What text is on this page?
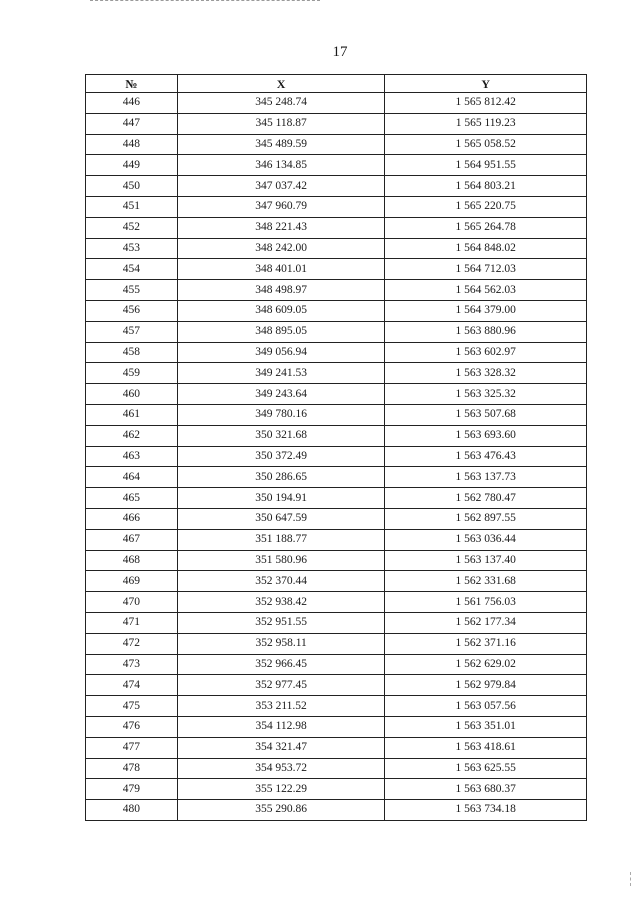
17
№	X	Y
446	345 248.74	1 565 812.42
447	345 118.87	1 565 119.23
448	345 489.59	1 565 058.52
449	346 134.85	1 564 951.55
450	347 037.42	1 564 803.21
451	347 960.79	1 565 220.75
452	348 221.43	1 565 264.78
453	348 242.00	1 564 848.02
454	348 401.01	1 564 712.03
455	348 498.97	1 564 562.03
456	348 609.05	1 564 379.00
457	348 895.05	1 563 880.96
458	349 056.94	1 563 602.97
459	349 241.53	1 563 328.32
460	349 243.64	1 563 325.32
461	349 780.16	1 563 507.68
462	350 321.68	1 563 693.60
463	350 372.49	1 563 476.43
464	350 286.65	1 563 137.73
465	350 194.91	1 562 780.47
466	350 647.59	1 562 897.55
467	351 188.77	1 563 036.44
468	351 580.96	1 563 137.40
469	352 370.44	1 562 331.68
470	352 938.42	1 561 756.03
471	352 951.55	1 562 177.34
472	352 958.11	1 562 371.16
473	352 966.45	1 562 629.02
474	352 977.45	1 562 979.84
475	353 211.52	1 563 057.56
476	354 112.98	1 563 351.01
477	354 321.47	1 563 418.61
478	354 953.72	1 563 625.55
479	355 122.29	1 563 680.37
480	355 290.86	1 563 734.18
